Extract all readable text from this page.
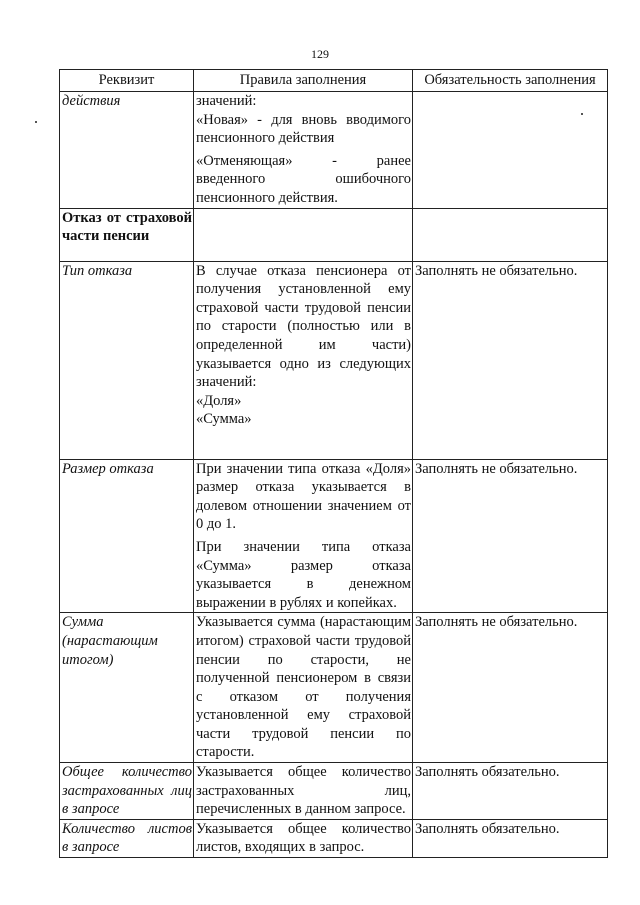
129
Реквизит	Правила заполнения	Обязательность заполнения
действия	значений:

«Новая» - для вновь вводимого пенсионного действия

«Отменяющая» - ранее введенного ошибочного пенсионного действия.	

Отказ от страховой части пенсии		
Тип отказа	В случае отказа пенсионера от получения установленной ему страховой части трудовой пенсии по старости (полностью или в определенной им части) указывается одно из следующих значений:

«Доля»

«Сумма»	Заполнять не обязательно.
Размер отказа	При значении типа отказа «Доля» размер отказа указывается в долевом отношении значением от 0 до 1.

При значении типа отказа «Сумма» размер отказа указывается в денежном выражении в рублях и копейках.	Заполнять не обязательно.
Сумма (нарастающим итогом)	Указывается сумма (нарастающим итогом) страховой части трудовой пенсии по старости, не полученной пенсионером в связи с отказом от получения установленной ему страховой части трудовой пенсии по старости.	Заполнять не обязательно.
Общее количество застрахованных лиц в запросе	Указывается общее количество застрахованных лиц, перечисленных в данном запросе.	Заполнять обязательно.
Количество листов в запросе	Указывается общее количество листов, входящих в запрос.	Заполнять обязательно.
